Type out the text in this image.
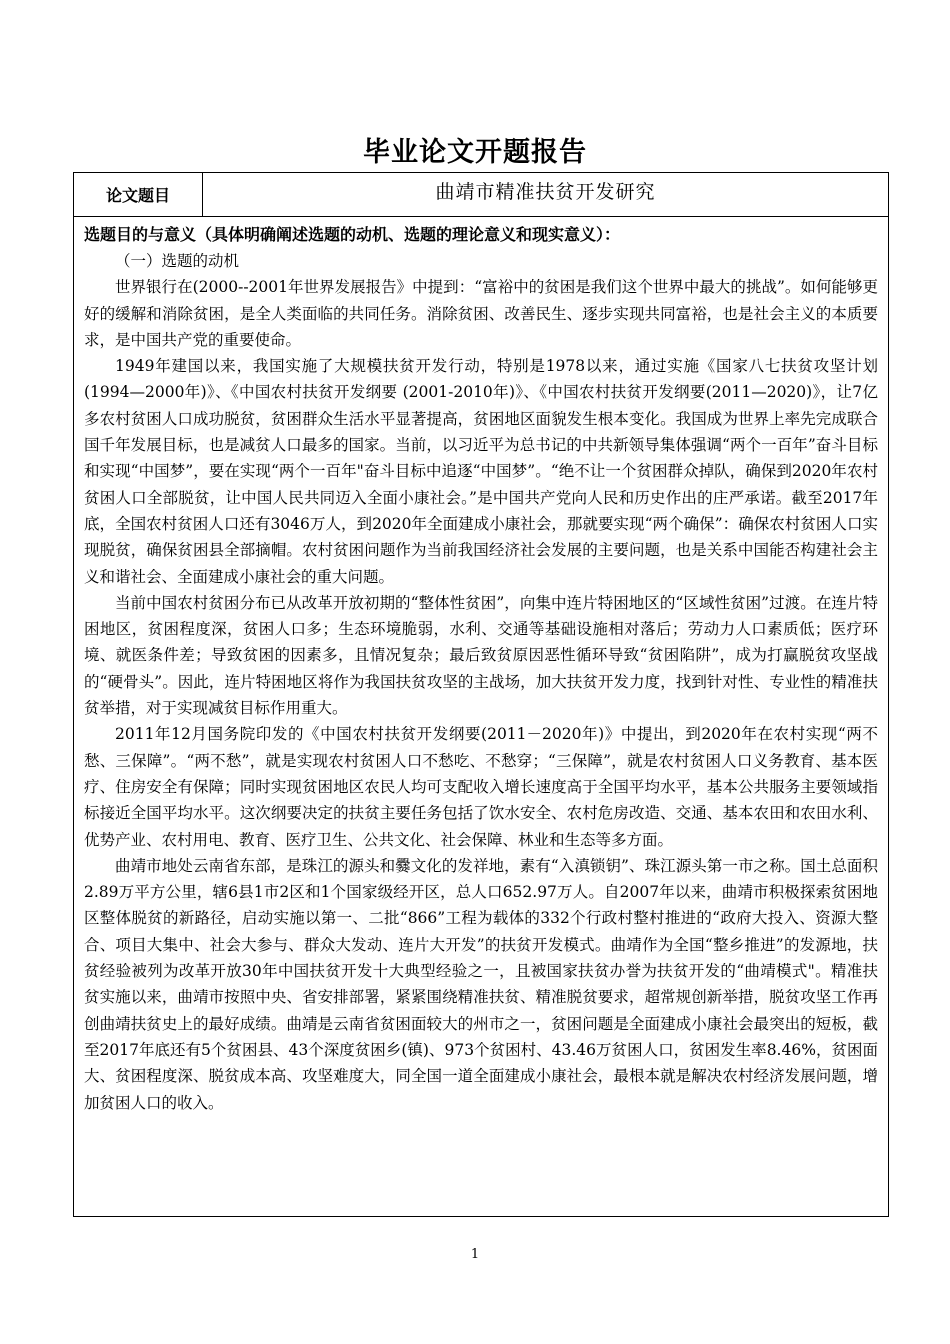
毕业论文开题报告
论文题目	曲靖市精准扶贫开发研究
选题目的与意义（具体明确阐述选题的动机、选题的理论意义和现实意义）：
（一）选题的动机

世界银行在(2000--2001年世界发展报告》中提到：“富裕中的贫困是我们这个世界中最大的挑战”。如何能够更好的缓解和消除贫困，是全人类面临的共同任务。消除贫困、改善民生、逐步实现共同富裕，也是社会主义的本质要求，是中国共产党的重要使命。

1949年建国以来，我国实施了大规模扶贫开发行动，特别是1978以来，通过实施《国家八七扶贫攻坚计划(1994—2000年)》、《中国农村扶贫开发纲要 (2001-2010年)》、《中国农村扶贫开发纲要(2011—2020)》，让7亿多农村贫困人口成功脱贫，贫困群众生活水平显著提高，贫困地区面貌发生根本变化。我国成为世界上率先完成联合国千年发展目标，也是减贫人口最多的国家。当前，以习近平为总书记的中共新领导集体强调“两个一百年”奋斗目标和实现“中国梦”，要在实现“两个一百年"奋斗目标中追逐“中国梦”。“绝不让一个贫困群众掉队，确保到2020年农村贫困人口全部脱贫，让中国人民共同迈入全面小康社会。”是中国共产党向人民和历史作出的庄严承诺。截至2017年底，全国农村贫困人口还有3046万人，到2020年全面建成小康社会，那就要实现“两个确保”：确保农村贫困人口实现脱贫，确保贫困县全部摘帽。农村贫困问题作为当前我国经济社会发展的主要问题，也是关系中国能否构建社会主义和谐社会、全面建成小康社会的重大问题。

当前中国农村贫困分布已从改革开放初期的“整体性贫困”，向集中连片特困地区的“区域性贫困”过渡。在连片特困地区，贫困程度深，贫困人口多；生态环境脆弱，水利、交通等基础设施相对落后；劳动力人口素质低；医疗环境、就医条件差；导致贫困的因素多，且情况复杂；最后致贫原因恶性循环导致“贫困陷阱”，成为打赢脱贫攻坚战的“硬骨头”。因此，连片特困地区将作为我国扶贫攻坚的主战场，加大扶贫开发力度，找到针对性、专业性的精准扶贫举措，对于实现减贫目标作用重大。

2011年12月国务院印发的《中国农村扶贫开发纲要(2011－2020年)》中提出，到2020年在农村实现“两不愁、三保障”。“两不愁”，就是实现农村贫困人口不愁吃、不愁穿；“三保障”，就是农村贫困人口义务教育、基本医疗、住房安全有保障；同时实现贫困地区农民人均可支配收入增长速度高于全国平均水平，基本公共服务主要领域指标接近全国平均水平。这次纲要决定的扶贫主要任务包括了饮水安全、农村危房改造、交通、基本农田和农田水利、优势产业、农村用电、教育、医疗卫生、公共文化、社会保障、林业和生态等多方面。

曲靖市地处云南省东部，是珠江的源头和爨文化的发祥地，素有“入滇锁钥”、珠江源头第一市之称。国土总面积2.89万平方公里，辖6县1市2区和1个国家级经开区，总人口652.97万人。自2007年以来，曲靖市积极探索贫困地区整体脱贫的新路径，启动实施以第一、二批“866”工程为载体的332个行政村整村推进的“政府大投入、资源大整合、项目大集中、社会大参与、群众大发动、连片大开发”的扶贫开发模式。曲靖作为全国“整乡推进”的发源地，扶贫经验被列为改革开放30年中国扶贫开发十大典型经验之一，且被国家扶贫办誉为扶贫开发的“曲靖模式"。精准扶贫实施以来，曲靖市按照中央、省安排部署，紧紧围绕精准扶贫、精准脱贫要求，超常规创新举措，脱贫攻坚工作再创曲靖扶贫史上的最好成绩。曲靖是云南省贫困面较大的州市之一，贫困问题是全面建成小康社会最突出的短板，截至2017年底还有5个贫困县、43个深度贫困乡(镇)、973个贫困村、43.46万贫困人口，贫困发生率8.46%，贫困面大、贫困程度深、脱贫成本高、攻坚难度大，同全国一道全面建成小康社会，最根本就是解决农村经济发展问题，增加贫困人口的收入。

1
